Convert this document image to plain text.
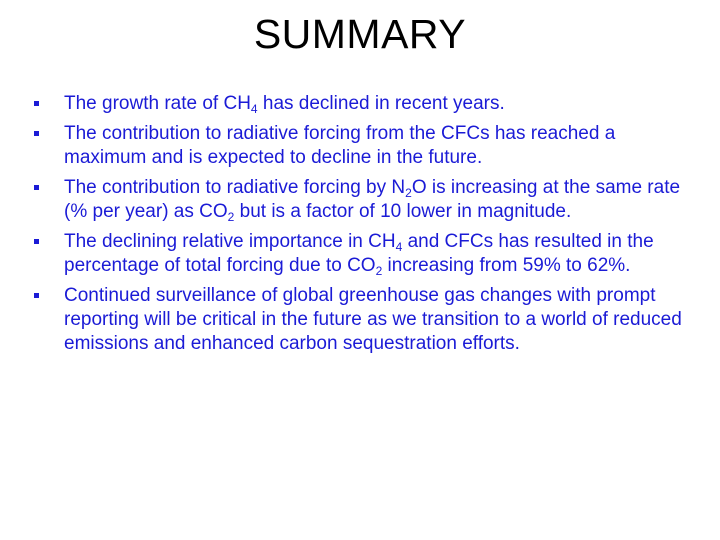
SUMMARY
The growth rate of $CH_4$ has declined in recent years.
The contribution to radiative forcing from the CFCs has reached a maximum and is expected to decline in the future.
The contribution to radiative forcing by $N_2O$ is increasing at the same rate (% per year) as $CO_2$ but is a factor of 10 lower in magnitude.
The declining relative importance in $CH_4$ and CFCs has resulted in the percentage of total forcing due to $CO_2$ increasing from 59% to 62%.
Continued surveillance of global greenhouse gas changes with prompt reporting will be critical in the future as we transition to a world of reduced emissions and enhanced carbon sequestration efforts.
